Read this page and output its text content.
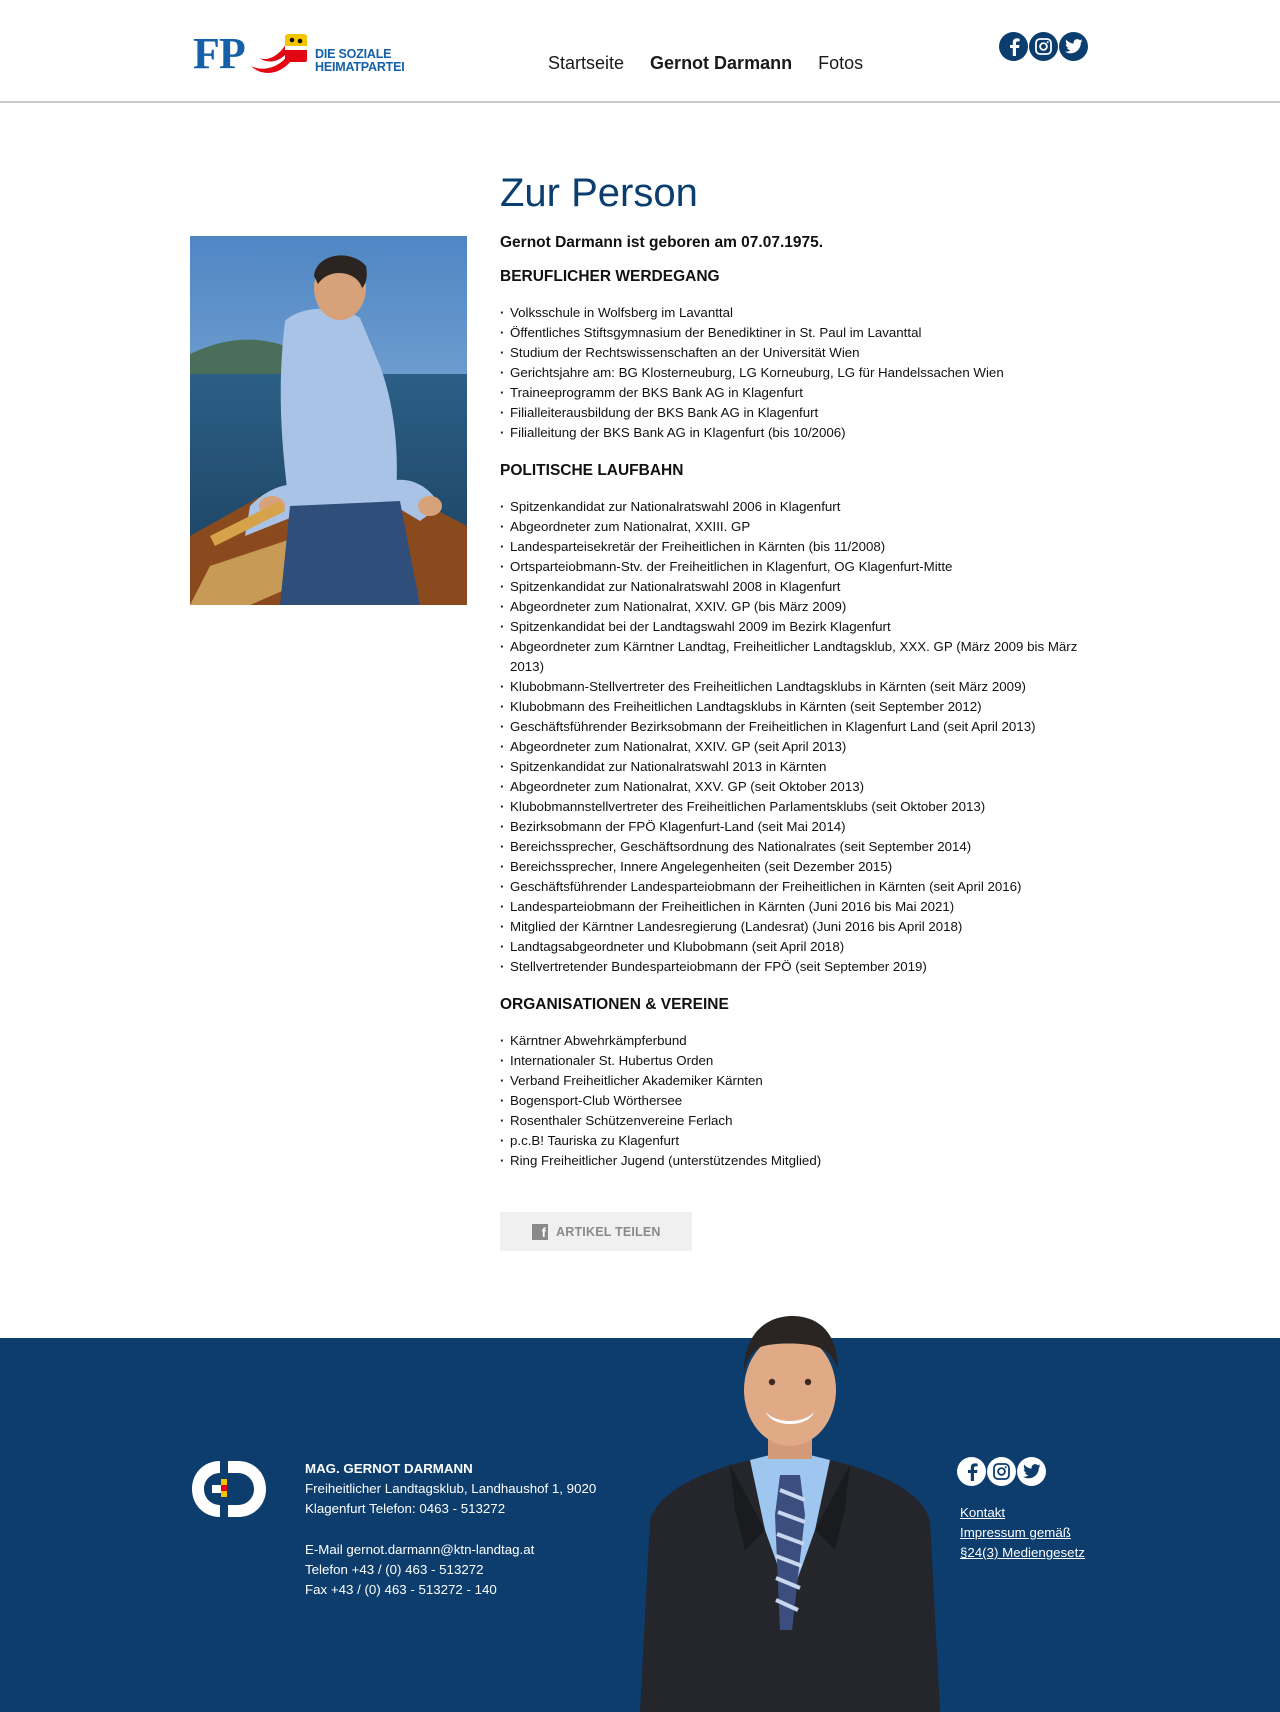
FP	DIE SOZIALE
HEIMATPARTEI	Startseite Gernot Darmann Fotos
Zur Person

Gernot Darmann ist geboren am 07.07.1975.

BERUFLICHER WERDEGANG
· Volksschule in Wolfsberg im Lavanttal
· Öffentliches Stiftsgymnasium der Benediktiner in St. Paul im Lavanttal
· Studium der Rechtswissenschaften an der Universität Wien
· Gerichtsjahre am: BG Klosterneuburg, LG Korneuburg, LG für Handelssachen Wien
· Traineeprogramm der BKS Bank AG in Klagenfurt
· Filialleiterausbildung der BKS Bank AG in Klagenfurt
· Filialleitung der BKS Bank AG in Klagenfurt (bis 10/2006)
POLITISCHE LAUFBAHN
· Spitzenkandidat zur Nationalratswahl 2006 in Klagenfurt
· Abgeordneter zum Nationalrat, XXIII. GP
· Landesparteisekretär der Freiheitlichen in Kärnten (bis 11/2008)
· Ortsparteiobmann-Stv. der Freiheitlichen in Klagenfurt, OG Klagenfurt-Mitte
· Spitzenkandidat zur Nationalratswahl 2008 in Klagenfurt
· Abgeordneter zum Nationalrat, XXIV. GP (bis März 2009)
· Spitzenkandidat bei der Landtagswahl 2009 im Bezirk Klagenfurt
· Abgeordneter zum Kärntner Landtag, Freiheitlicher Landtagsklub, XXX. GP (März 2009 bis März 2013)
· Klubobmann-Stellvertreter des Freiheitlichen Landtagsklubs in Kärnten (seit März 2009)
· Klubobmann des Freiheitlichen Landtagsklubs in Kärnten (seit September 2012)
· Geschäftsführender Bezirksobmann der Freiheitlichen in Klagenfurt Land (seit April 2013)
· Abgeordneter zum Nationalrat, XXIV. GP (seit April 2013)
· Spitzenkandidat zur Nationalratswahl 2013 in Kärnten
· Abgeordneter zum Nationalrat, XXV. GP (seit Oktober 2013)
· Klubobmannstellvertreter des Freiheitlichen Parlamentsklubs (seit Oktober 2013)
· Bezirksobmann der FPÖ Klagenfurt-Land (seit Mai 2014)
· Bereichssprecher, Geschäftsordnung des Nationalrates (seit September 2014)
· Bereichssprecher, Innere Angelegenheiten (seit Dezember 2015)
· Geschäftsführender Landesparteiobmann der Freiheitlichen in Kärnten (seit April 2016)
· Landesparteiobmann der Freiheitlichen in Kärnten (Juni 2016 bis Mai 2021)
· Mitglied der Kärntner Landesregierung (Landesrat) (Juni 2016 bis April 2018)
· Landtagsabgeordneter und Klubobmann (seit April 2018)
· Stellvertretender Bundesparteiobmann der FPÖ (seit September 2019)
ORGANISATIONEN & VEREINE
· Kärntner Abwehrkämpferbund
· Internationaler St. Hubertus Orden
· Verband Freiheitlicher Akademiker Kärnten
· Bogensport-Club Wörthersee
· Rosenthaler Schützenvereine Ferlach
· p.c.B! Tauriska zu Klagenfurt
· Ring Freiheitlicher Jugend (unterstützendes Mitglied)
f ARTIKEL TEILEN
MAG. GERNOT DARMANN
Freiheitlicher Landtagsklub, Landhaushof 1, 9020
Klagenfurt Telefon: 0463 - 513272
E-Mail gernot.darmann@ktn-landtag.at
Telefon +43 / (0) 463 - 513272
Fax +43 / (0) 463 - 513272 - 140
Kontakt
Impressum gemäß
§24(3) Mediengesetz
